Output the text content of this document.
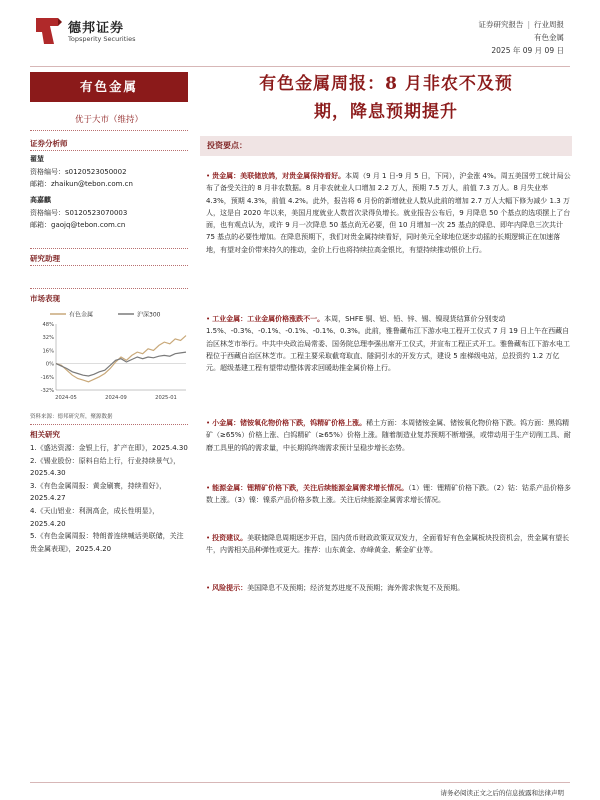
德邦证券
Topsperity Securities
证券研究报告 | 行业周报
有色金属
2025 年 09 月 09 日
有色金属
优于大市（维持）
证券分析师
翟堃
资格编号：s0120523050002
邮箱：zhaikun@tebon.com.cn
高嘉麒
资格编号：S0120523070003
邮箱：gaojq@tebon.com.cn
研究助理
市场表现
有色金属	沪深300
48%
32%
16%
0%
-16%
-32%
2024-05	2024-09	2025-01
资料来源：德邦研究所，聚源数据
相关研究
1.《盛达资源：金银上行，扩产在即》，2025.4.30
2.《锡业股份：原料自给上行，行业持续景气》，2025.4.30
3.《有色金属周报：黄金刷寰，持续看好》，2025.4.27
4.《天山铝业：利润高企，成长性明显》，2025.4.20
5.《有色金属周报：特朗普连续喊话美联储，关注贵金属表现》，2025.4.20
有色金属周报：8 月非农不及预
期，降息预期提升
投资要点：
• 贵金属：美联储放鸽，对贵金属保持看好。本周（9 月 1 日-9 月 5 日，下同），沪金涨 4%。周五美国劳工统计局公布了备受关注的 8 月非农数据。8 月非农就业人口增加 2.2 万人，预期 7.5 万人，前值 7.3 万人。8 月失业率 4.3%，预期 4.3%，前值 4.2%。此外，报告将 6 月份的新增就业人数从此前的增加 2.7 万人大幅下修为减少 1.3 万人，这是自 2020 年以来，美国月度就业人数首次录得负增长。就业报告公布后，9 月降息 50 个基点的选项摆上了台面，也有观点认为，或许 9 月一次降息 50 基点尚无必要，但 10 月增加一次 25 基点的降息、即年内降息三次共计 75 基点的必要性增加。在降息预期下，我们对贵金属持续看好，同时美元全球地位逐步动摇的长期逻辑正在加速落地，有望对金价带来持久的推动，金价上行也将持续拉高金银比，有望持续推动银价上行。
• 工业金属：工业金属价格涨跌不一。本周，SHFE 铜、铝、铅、锌、锡、镍现货结算价分别变动 1.5%、-0.3%、-0.1%、-0.1%、-0.1%、0.3%。此前，雅鲁藏布江下游水电工程开工仪式 7 月 19 日上午在西藏自治区林芝市举行。中共中央政治局常委、国务院总理李强出席开工仪式，并宣布工程正式开工。雅鲁藏布江下游水电工程位于西藏自治区林芝市。工程主要采取截弯取直、隧洞引水的开发方式，建设 5 座梯级电站，总投资约 1.2 万亿元。超级基建工程有望带动整体需求回暖助推金属价格上行。
• 小金属：锗铵氧化物价格下跌，钨精矿价格上涨。稀土方面：本周锗铵金属、锗铵氧化物价格下跌。钨方面：黑钨精矿（≥65%）价格上涨、白钨精矿（≥65%）价格上涨。随着制造业复苏预期不断增强，或带动用于生产切削工具、耐磨工具里的钨的需求量，中长期钨终端需求预计呈稳步增长态势。
• 能源金属：锂精矿价格下跌，关注后续能源金属需求增长情况。（1）锂：锂精矿价格下跌。（2）钴：钴系产品价格多数上涨。（3）镍：镍系产品价格多数上涨。关注后续能源金属需求增长情况。
• 投资建议。美联储降息周期逐步开启，国内货币财政政策双双发力，全面看好有色金属板块投资机会，贵金属有望长牛，内需相关品种弹性或更大。推荐：山东黄金、赤峰黄金、紫金矿业等。
• 风险提示：美国降息不及预期；经济复苏进度不及预期；海外需求恢复不及预期。
请务必阅读正文之后的信息披露和法律声明
